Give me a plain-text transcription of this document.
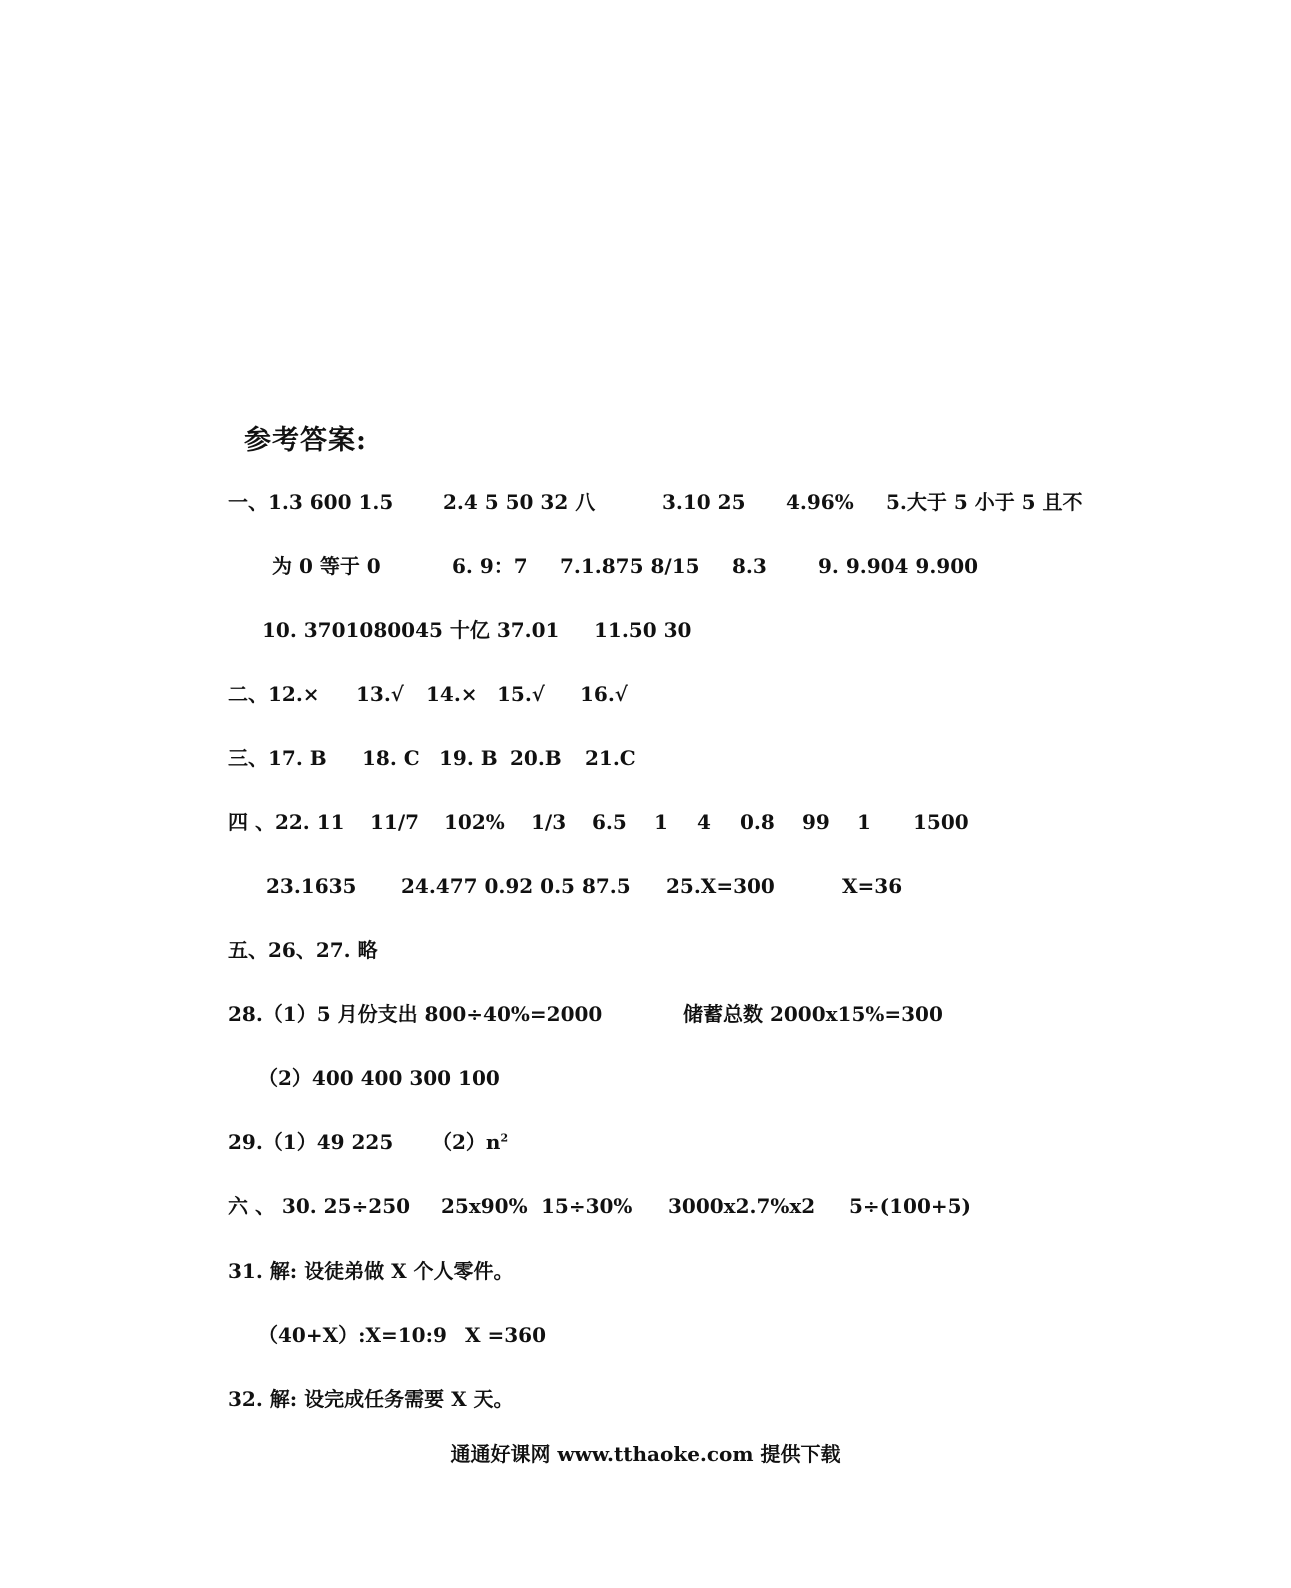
参考答案:
一、1.3 600 1.5 2.4 5 50 32 八	3.10 25 4.96% 5.大于 5 小于 5 且不
为 0 等于 0	6. 9：7 7.1.875 8/15 8.3	9. 9.904 9.900
10. 3701080045 十亿 37.01 11.50 30
二、12.× 13.√ 14.× 15.√ 16.√
三、17. B 18. C 19. B 20.B 21.C
四 、22. 11 11/7 102% 1/3 6.5 1 4 0.8 99 1 1500
23.1635 24.477 0.92 0.5 87.5 25.X=300	X=36
五、26、27. 略
28.（1）5 月份支出 800÷40%=2000	储蓄总数 2000x15%=300
（2）400 400 300 100
29.（1）49 225 $(2)n^2$
六 、 30. 25÷250 25x90% 15÷30% 3000x2.7%x2 5÷(100+5)
31. 解: 设徒弟做 X 个人零件。
（40+X）:X=10:9 X =360
32. 解: 设完成任务需要 X 天。
通通好课网 www.tthaoke.com 提供下载
